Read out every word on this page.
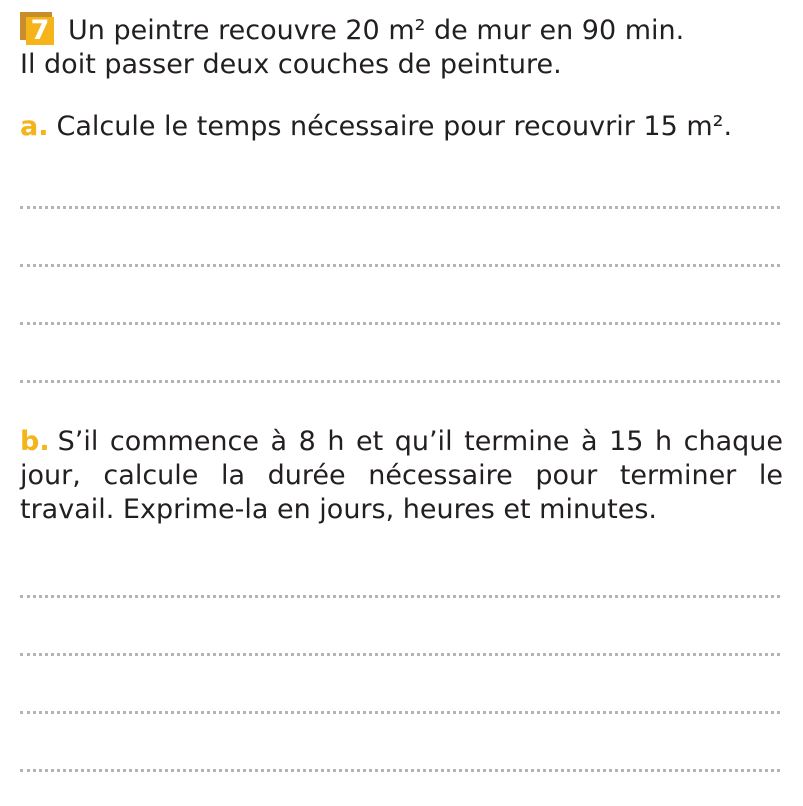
7 Un peintre recouvre 20 m² de mur en 90 min.

Il doit passer deux couches de peinture.

a. Calcule le temps nécessaire pour recouvrir 15 m².

b. S’il commence à 8 h et qu’il termine à 15 h chaque jour, calcule la durée nécessaire pour terminer le travail. Exprime-la en jours, heures et minutes.
